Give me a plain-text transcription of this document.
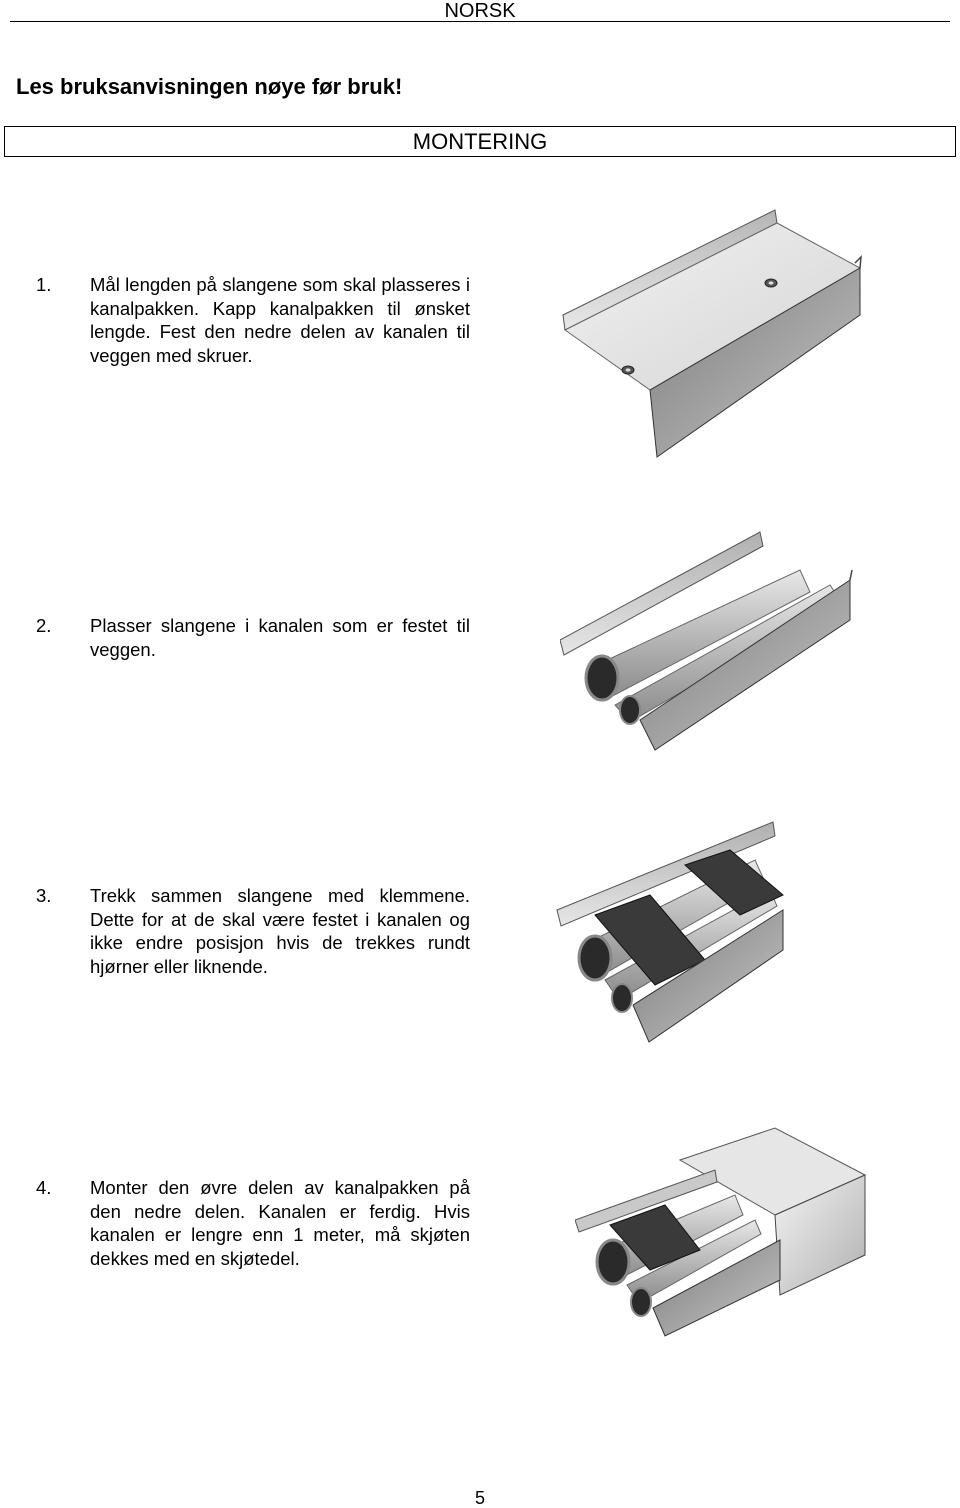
NORSK
Les bruksanvisningen nøye før bruk!
MONTERING
1. Mål lengden på slangene som skal plasseres i kanalpakken. Kapp kanalpakken til ønsket lengde. Fest den nedre delen av kanalen til veggen med skruer.
2. Plasser slangene i kanalen som er festet til veggen.
3. Trekk sammen slangene med klemmene. Dette for at de skal være festet i kanalen og ikke endre posisjon hvis de trekkes rundt hjørner eller liknende.
4. Monter den øvre delen av kanalpakken på den nedre delen. Kanalen er ferdig. Hvis kanalen er lengre enn 1 meter, må skjøten dekkes med en skjøtedel.
5
